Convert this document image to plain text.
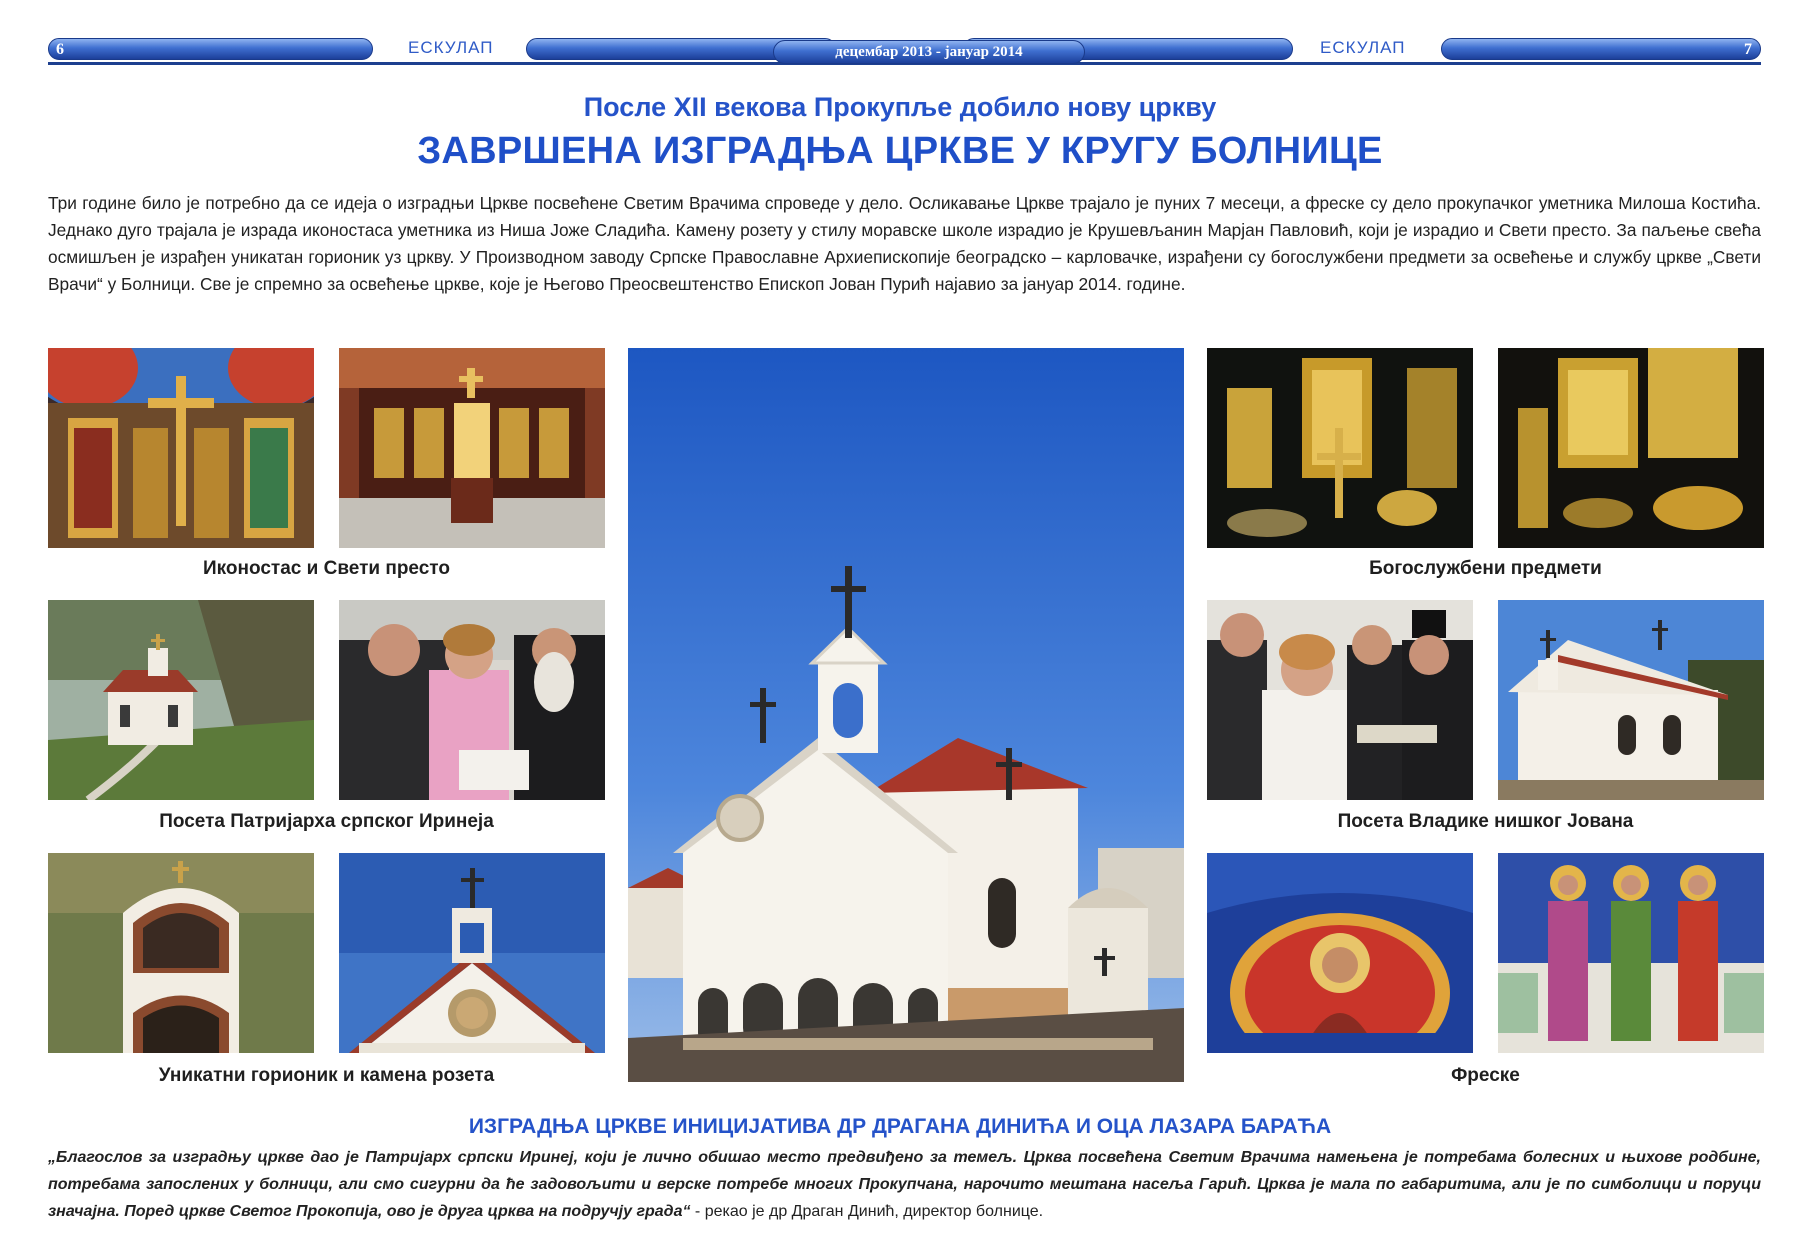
6	ЕСКУЛАП	децембар 2013 - јануар 2014	ЕСКУЛАП	7
После XII векова Прокупље добило нову цркву
ЗАВРШЕНА ИЗГРАДЊА ЦРКВЕ У КРУГУ БОЛНИЦЕ

Три године било је потребно да се идеја о изградњи Цркве посвећене Светим Врачима спроведе у дело. Осликавање Цркве трајало је пуних 7 месеци, а фреске су дело прокупачког уметника Милоша Костића. Једнако дуго трајала је израда иконостаса уметника из Ниша Јоже Сладића. Камену розету у стилу моравске школе израдио је Крушевљанин Марјан Павловић, који је израдио и Свети престо. За паљење свећа осмишљен је израђен уникатан горионик уз цркву. У Производном заводу Српске Православне Архиепископије београдско – карловачке, израђени су богослужбени предмети за освећење и службу цркве „Свети Врачи“ у Болници. Све је спремно за освећење цркве, које је Његово Преосвештенство Епископ Јован Пурић најавио за јануар 2014. године.

Иконостас и Свети престо
Посета Патријарха српског Иринеја
Уникатни горионик и камена розета
Богослужбени предмети
Посета Владике нишког Јована
Фреске
ИЗГРАДЊА ЦРКВЕ ИНИЦИЈАТИВА ДР ДРАГАНА ДИНИЋА И ОЦА ЛАЗАРА БАРАЋА

„Благослов за изградњу цркве дао је Патријарх српски Иринеј, који је лично обишао место предвиђено за темељ. Црква посвећена Светим Врачима намењена је потребама болесних и њихове родбине, потребама запослених у болници, али смо сигурни да ће задовољити и верске потребе многих Прокупчана, нарочито мештана насеља Гарић. Црква је мала по габаритима, али је по симболици и поруци значајна. Поред цркве Светог Прокопија, ово је друга црква на подручју града“ - рекао је др Драган Динић, директор болнице.
